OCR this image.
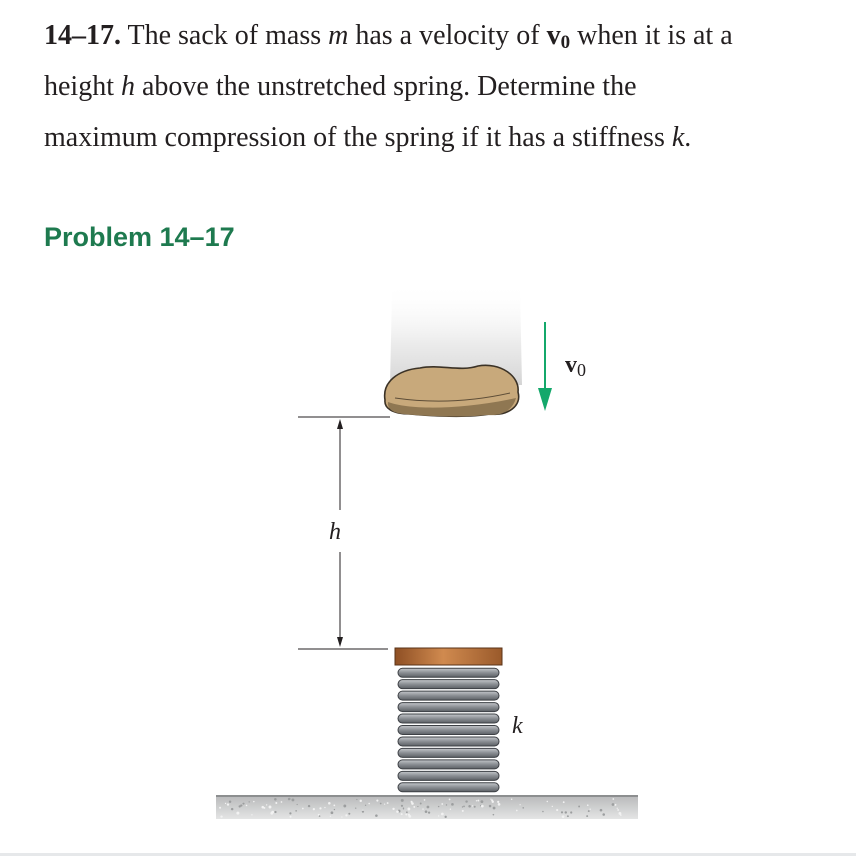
14–17. The sack of mass m has a velocity of $v_0$ when it is at a
height h above the unstretched spring. Determine the
maximum compression of the spring if it has a stiffness k.
Problem 14–17
v0
h
k
